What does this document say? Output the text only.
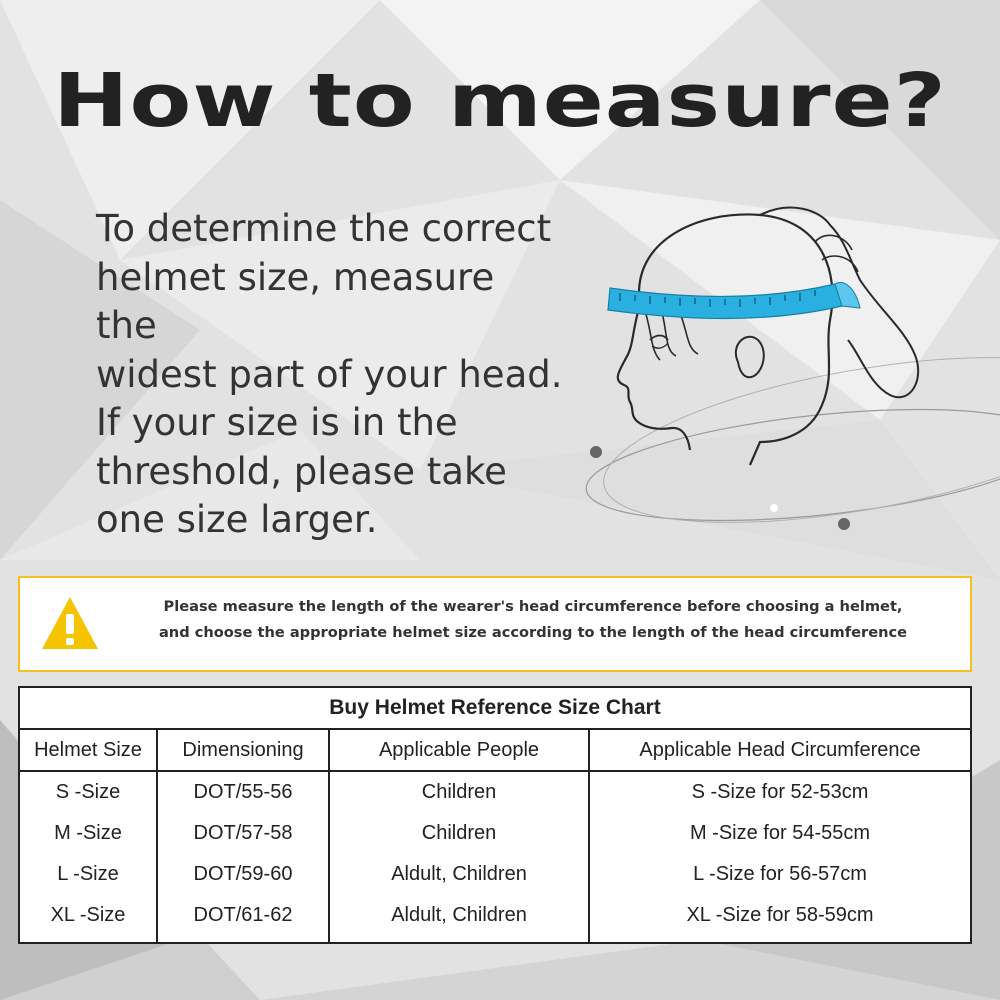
How to measure?
To determine the correct
helmet size, measure the
widest part of your head.
If your size is in the
threshold, please take
one size larger.
Please measure the length of the wearer's head circumference before choosing a helmet,
and choose the appropriate helmet size according to the length of the head circumference
Buy Helmet Reference Size Chart
Helmet Size	Dimensioning	Applicable People	Applicable Head Circumference
S -Size	DOT/55-56	Children	S -Size for 52-53cm
M -Size	DOT/57-58	Children	M -Size for 54-55cm
L -Size	DOT/59-60	Aldult, Children	L -Size for 56-57cm
XL -Size	DOT/61-62	Aldult, Children	XL -Size for 58-59cm
